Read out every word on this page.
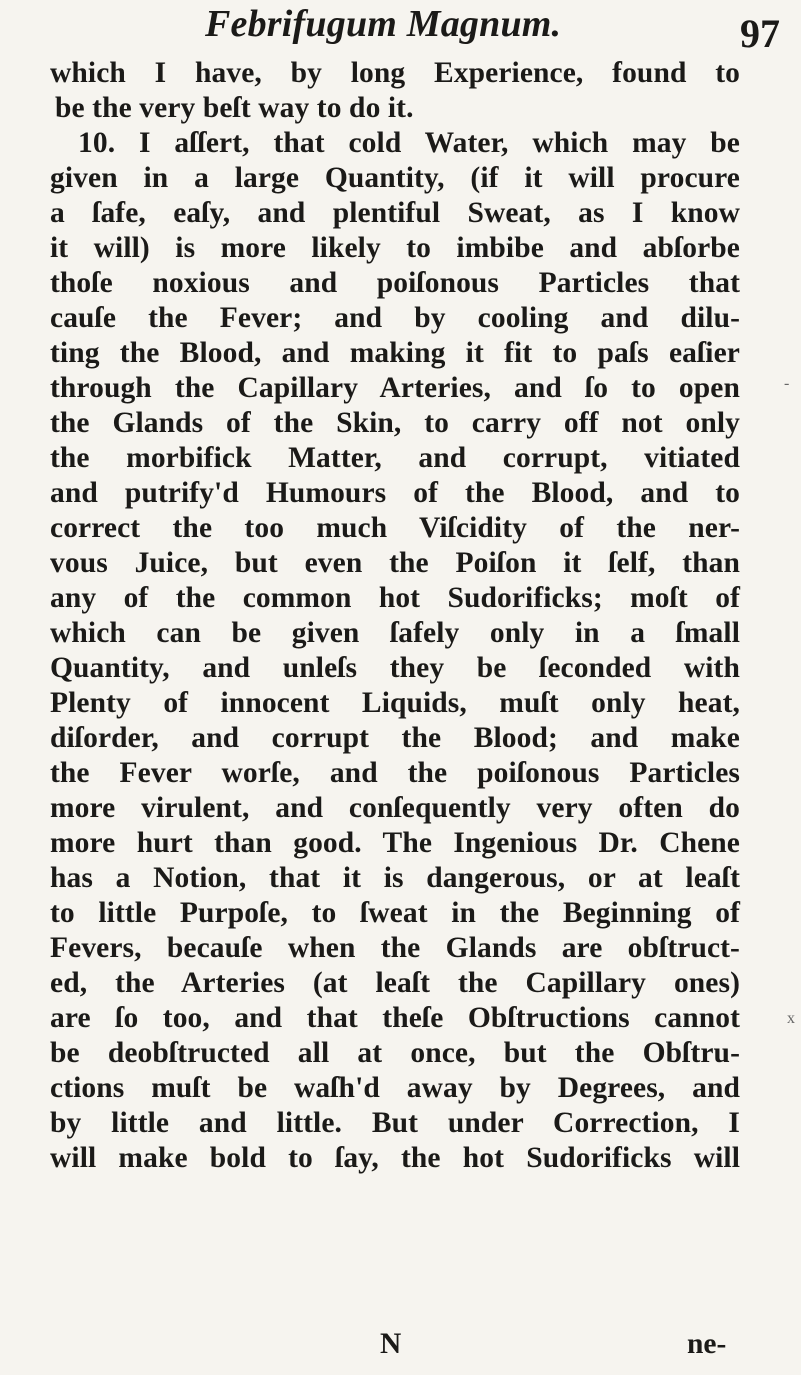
Febrifugum Magnum.	97
which I have, by long Experience, found to
be the very beſt way to do it.
10. I aſſert, that cold Water, which may be
given in a large Quantity, (if it will procure
a ſafe, eaſy, and plentiful Sweat, as I know
it will) is more likely to imbibe and abſorbe
thoſe noxious and poiſonous Particles that
cauſe the Fever; and by cooling and dilu-
ting the Blood, and making it fit to paſs eaſier
through the Capillary Arteries, and ſo to open
the Glands of the Skin, to carry off not only
the morbifick Matter, and corrupt, vitiated
and putrify'd Humours of the Blood, and to
correct the too much Viſcidity of the ner-
vous Juice, but even the Poiſon it ſelf, than
any of the common hot Sudorificks; moſt of
which can be given ſafely only in a ſmall
Quantity, and unleſs they be ſeconded with
Plenty of innocent Liquids, muſt only heat,
diſorder, and corrupt the Blood; and make
the Fever worſe, and the poiſonous Particles
more virulent, and conſequently very often do
more hurt than good. The Ingenious Dr. Chene
has a Notion, that it is dangerous, or at leaſt
to little Purpoſe, to ſweat in the Beginning of
Fevers, becauſe when the Glands are obſtruct-
ed, the Arteries (at leaſt the Capillary ones)
are ſo too, and that theſe Obſtructions cannot
be deobſtructed all at once, but the Obſtru-
ctions muſt be waſh'd away by Degrees, and
by little and little. But under Correction, I
will make bold to ſay, the hot Sudorificks will
N	ne-
-
x
